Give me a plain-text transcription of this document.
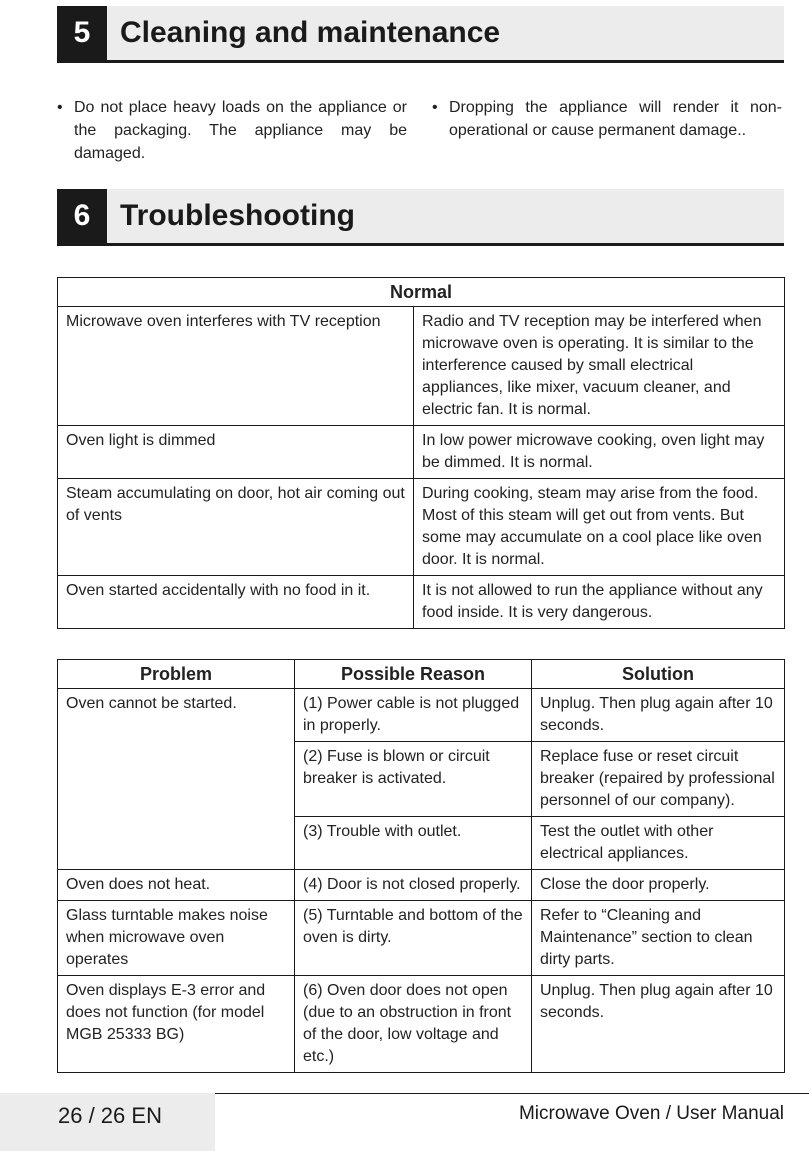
5 Cleaning and maintenance
• Do not place heavy loads on the appliance or the packaging. The appliance may be damaged.
• Dropping the appliance will render it non-operational or cause permanent damage..
6 Troubleshooting
Normal	
Microwave oven interferes with TV reception	Radio and TV reception may be interfered when microwave oven is operating. It is similar to the interference caused by small electrical appliances, like mixer, vacuum cleaner, and electric fan. It is normal.
Oven light is dimmed	In low power microwave cooking, oven light may be dimmed. It is normal.
Steam accumulating on door, hot air coming out of vents	During cooking, steam may arise from the food. Most of this steam will get out from vents. But some may accumulate on a cool place like oven door. It is normal.
Oven started accidentally with no food in it.	It is not allowed to run the appliance without any food inside. It is very dangerous.
Problem	Possible Reason	Solution
Oven cannot be started.	(1) Power cable is not plugged in properly.	Unplug. Then plug again after 10 seconds.
	(2) Fuse is blown or circuit breaker is activated.	Replace fuse or reset circuit breaker (repaired by professional personnel of our company).
	(3) Trouble with outlet.	Test the outlet with other electrical appliances.
Oven does not heat.	(4) Door is not closed properly.	Close the door properly.
Glass turntable makes noise when microwave oven operates	(5) Turntable and bottom of the oven is dirty.	Refer to “Cleaning and Maintenance” section to clean dirty parts.
Oven displays E-3 error and does not function (for model MGB 25333 BG)	(6) Oven door does not open (due to an obstruction in front of the door, low voltage and etc.)	Unplug. Then plug again after 10 seconds.
26 / 26 EN	Microwave Oven / User Manual
